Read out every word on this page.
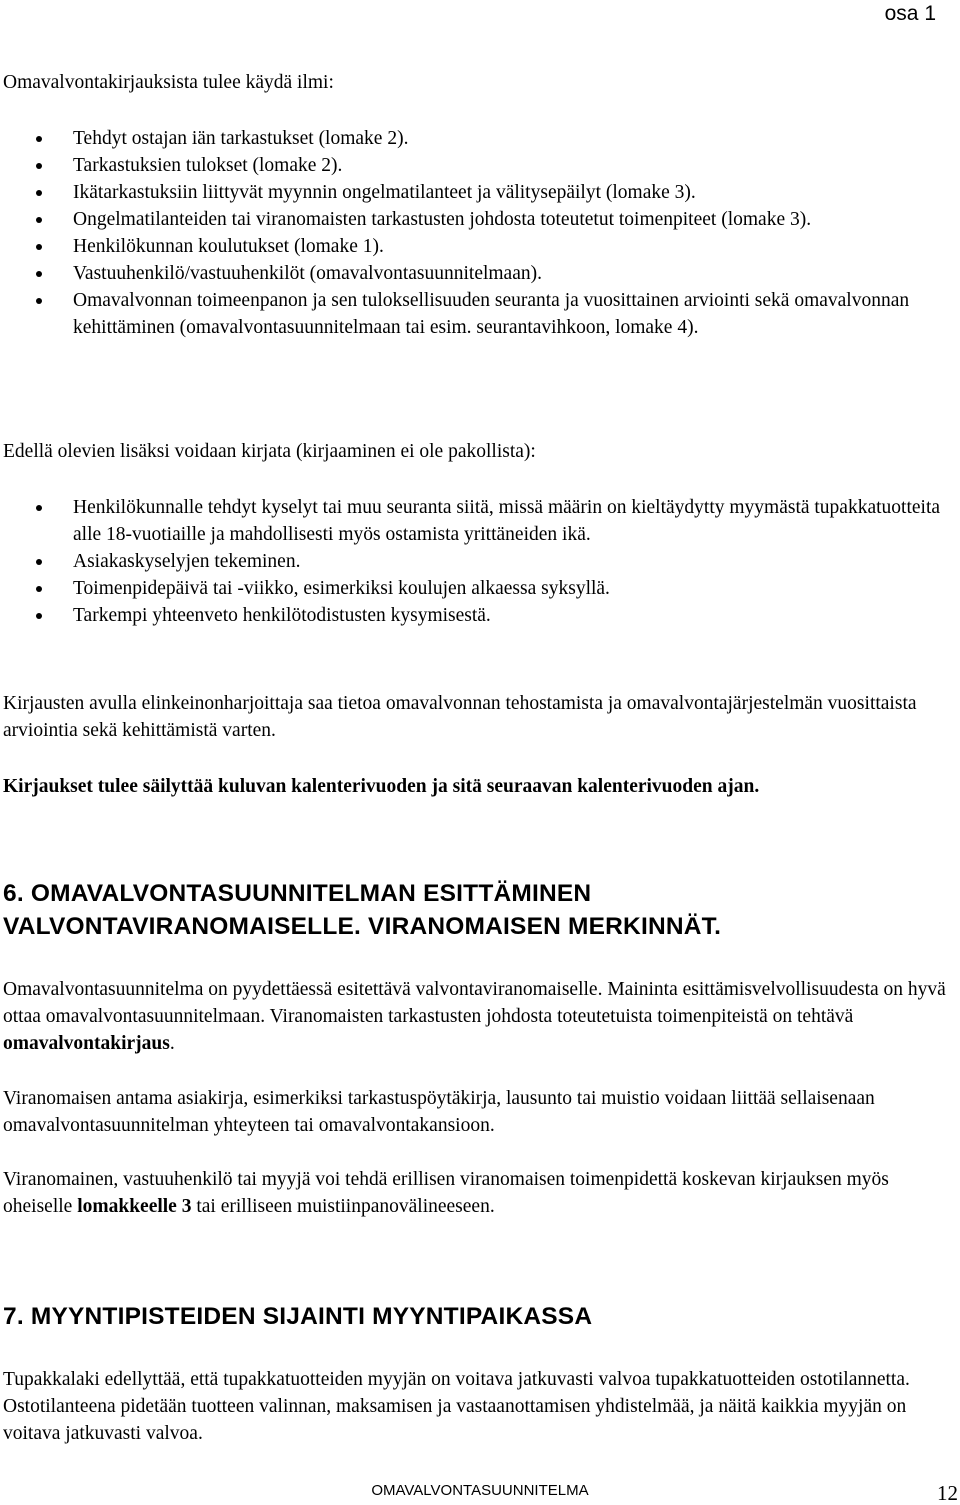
osa 1

Omavalvontakirjauksista tulee käydä ilmi:

Tehdyt ostajan iän tarkastukset (lomake 2).
Tarkastuksien tulokset (lomake 2).
Ikätarkastuksiin liittyvät myynnin ongelmatilanteet ja välitysepäilyt (lomake 3).
Ongelmatilanteiden tai viranomaisten tarkastusten johdosta toteutetut toimenpiteet (lomake 3).
Henkilökunnan koulutukset (lomake 1).
Vastuuhenkilö/vastuuhenkilöt (omavalvontasuunnitelmaan).
Omavalvonnan toimeenpanon ja sen tuloksellisuuden seuranta ja vuosittainen arviointi sekä omavalvonnan kehittäminen (omavalvontasuunnitelmaan tai esim. seurantavihkoon, lomake 4).

Edellä olevien lisäksi voidaan kirjata (kirjaaminen ei ole pakollista):

Henkilökunnalle tehdyt kyselyt tai muu seuranta siitä, missä määrin on kieltäydytty myymästä tupakkatuotteita alle 18-vuotiaille ja mahdollisesti myös ostamista yrittäneiden ikä.
Asiakaskyselyjen tekeminen.
Toimenpidepäivä tai -viikko, esimerkiksi koulujen alkaessa syksyllä.
Tarkempi yhteenveto henkilötodistusten kysymisestä.

Kirjausten avulla elinkeinonharjoittaja saa tietoa omavalvonnan tehostamista ja omavalvontajärjestelmän vuosittaista arviointia sekä kehittämistä varten.

Kirjaukset tulee säilyttää kuluvan kalenterivuoden ja sitä seuraavan kalenterivuoden ajan.

6. OMAVALVONTASUUNNITELMAN ESITTÄMINEN VALVONTAVIRANOMAISELLE. VIRANOMAISEN MERKINNÄT.

Omavalvontasuunnitelma on pyydettäessä esitettävä valvontaviranomaiselle. Maininta esittämisvelvollisuudesta on hyvä ottaa omavalvontasuunnitelmaan. Viranomaisten tarkastusten johdosta toteutetuista toimenpiteistä on tehtävä omavalvontakirjaus.

Viranomaisen antama asiakirja, esimerkiksi tarkastuspöytäkirja, lausunto tai muistio voidaan liittää sellaisenaan omavalvontasuunnitelman yhteyteen tai omavalvontakansioon.

Viranomainen, vastuuhenkilö tai myyjä voi tehdä erillisen viranomaisen toimenpidettä koskevan kirjauksen myös oheiselle lomakkeelle 3 tai erilliseen muistiinpanovälineeseen.

7. MYYNTIPISTEIDEN SIJAINTI MYYNTIPAIKASSA

Tupakkalaki edellyttää, että tupakkatuotteiden myyjän on voitava jatkuvasti valvoa tupakkatuotteiden ostotilannetta. Ostotilanteena pidetään tuotteen valinnan, maksamisen ja vastaanottamisen yhdistelmää, ja näitä kaikkia myyjän on voitava jatkuvasti valvoa.

OMAVALVONTASUUNNITELMA	12
